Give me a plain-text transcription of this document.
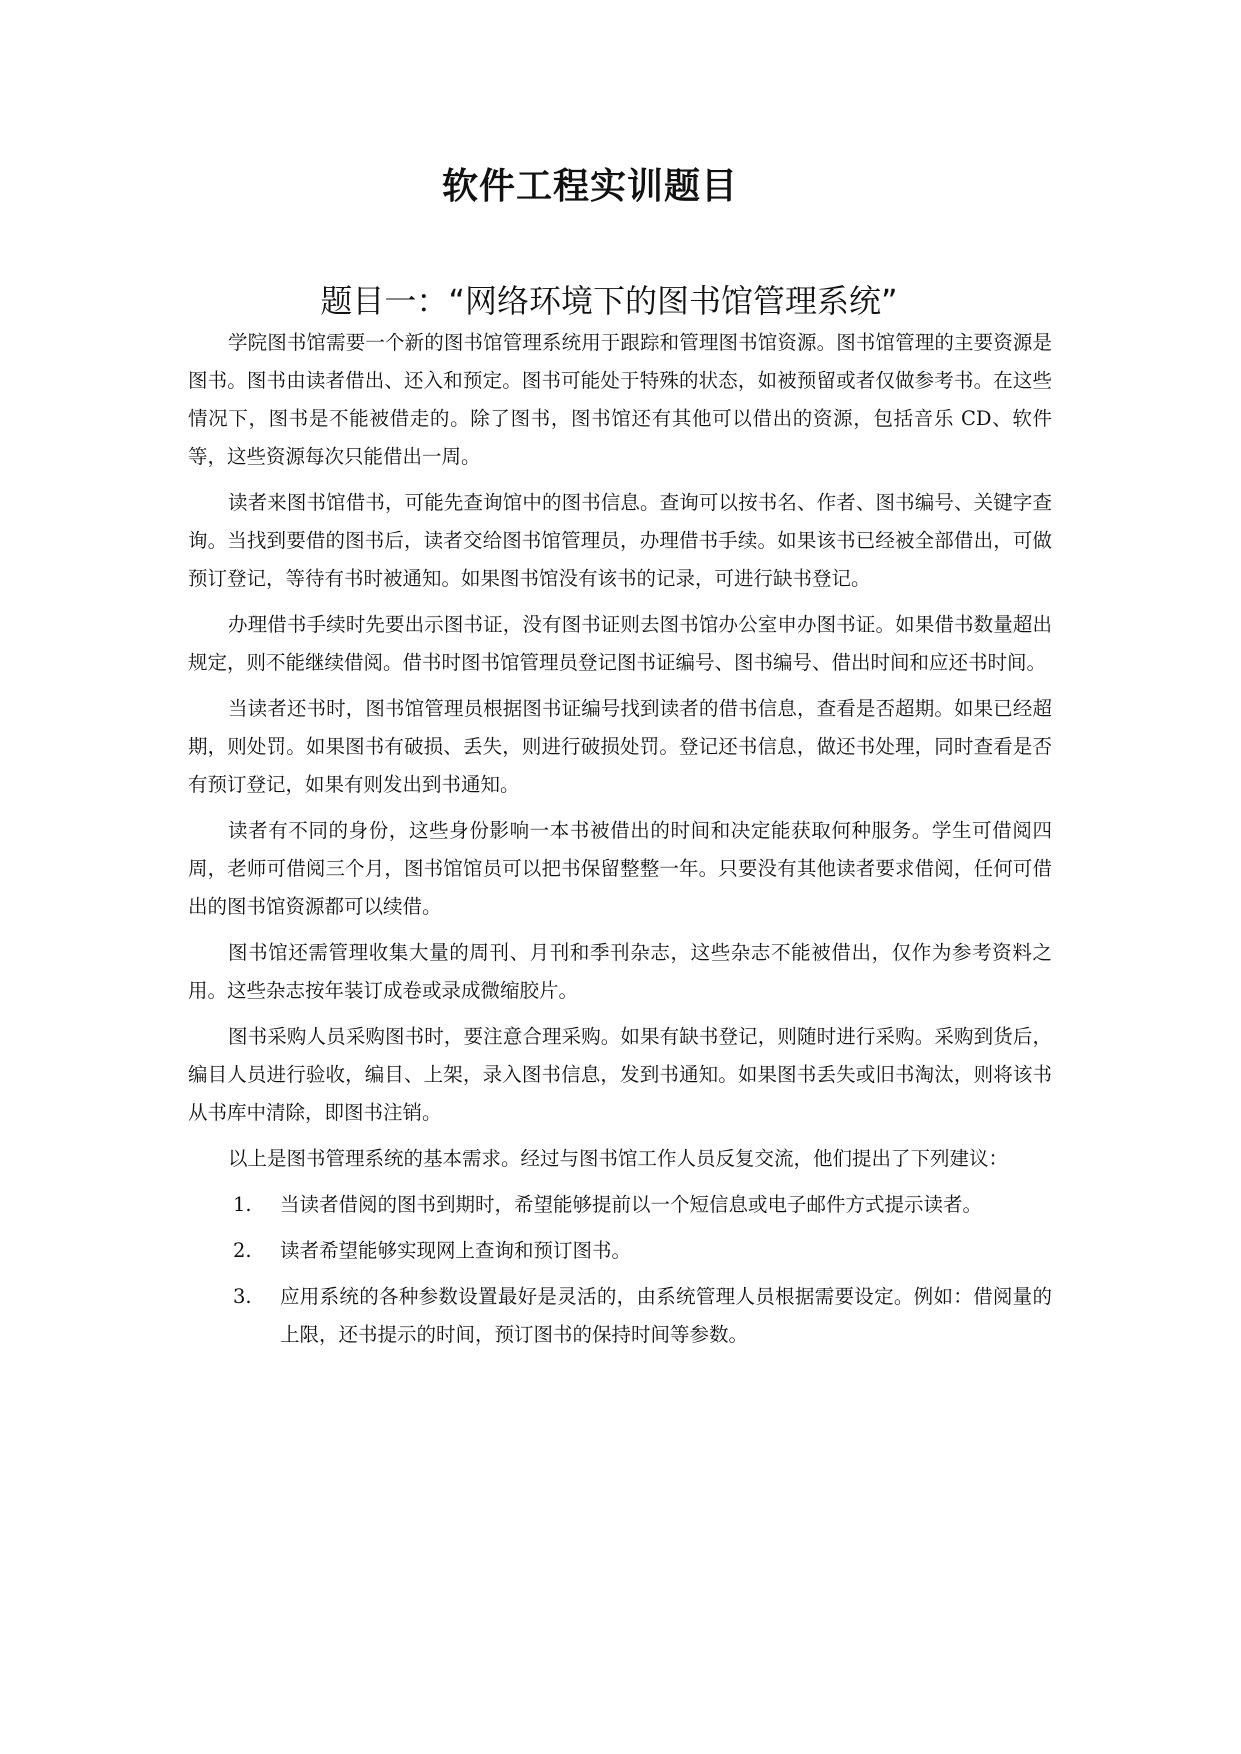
软件工程实训题目
题目一：“网络环境下的图书馆管理系统”

学院图书馆需要一个新的图书馆管理系统用于跟踪和管理图书馆资源。图书馆管理的主要资源是图书。图书由读者借出、还入和预定。图书可能处于特殊的状态，如被预留或者仅做参考书。在这些情况下，图书是不能被借走的。除了图书，图书馆还有其他可以借出的资源，包括音乐 CD、软件等，这些资源每次只能借出一周。

读者来图书馆借书，可能先查询馆中的图书信息。查询可以按书名、作者、图书编号、关键字查询。当找到要借的图书后，读者交给图书馆管理员，办理借书手续。如果该书已经被全部借出，可做预订登记，等待有书时被通知。如果图书馆没有该书的记录，可进行缺书登记。

办理借书手续时先要出示图书证，没有图书证则去图书馆办公室申办图书证。如果借书数量超出规定，则不能继续借阅。借书时图书馆管理员登记图书证编号、图书编号、借出时间和应还书时间。

当读者还书时，图书馆管理员根据图书证编号找到读者的借书信息，查看是否超期。如果已经超期，则处罚。如果图书有破损、丢失，则进行破损处罚。登记还书信息，做还书处理，同时查看是否有预订登记，如果有则发出到书通知。

读者有不同的身份，这些身份影响一本书被借出的时间和决定能获取何种服务。学生可借阅四周，老师可借阅三个月，图书馆馆员可以把书保留整整一年。只要没有其他读者要求借阅，任何可借出的图书馆资源都可以续借。

图书馆还需管理收集大量的周刊、月刊和季刊杂志，这些杂志不能被借出，仅作为参考资料之用。这些杂志按年装订成卷或录成微缩胶片。

图书采购人员采购图书时，要注意合理采购。如果有缺书登记，则随时进行采购。采购到货后，编目人员进行验收，编目、上架，录入图书信息，发到书通知。如果图书丢失或旧书淘汰，则将该书从书库中清除，即图书注销。

以上是图书管理系统的基本需求。经过与图书馆工作人员反复交流，他们提出了下列建议：

1. 当读者借阅的图书到期时，希望能够提前以一个短信息或电子邮件方式提示读者。
2. 读者希望能够实现网上查询和预订图书。
3. 应用系统的各种参数设置最好是灵活的，由系统管理人员根据需要设定。例如：借阅量的上限，还书提示的时间，预订图书的保持时间等参数。
